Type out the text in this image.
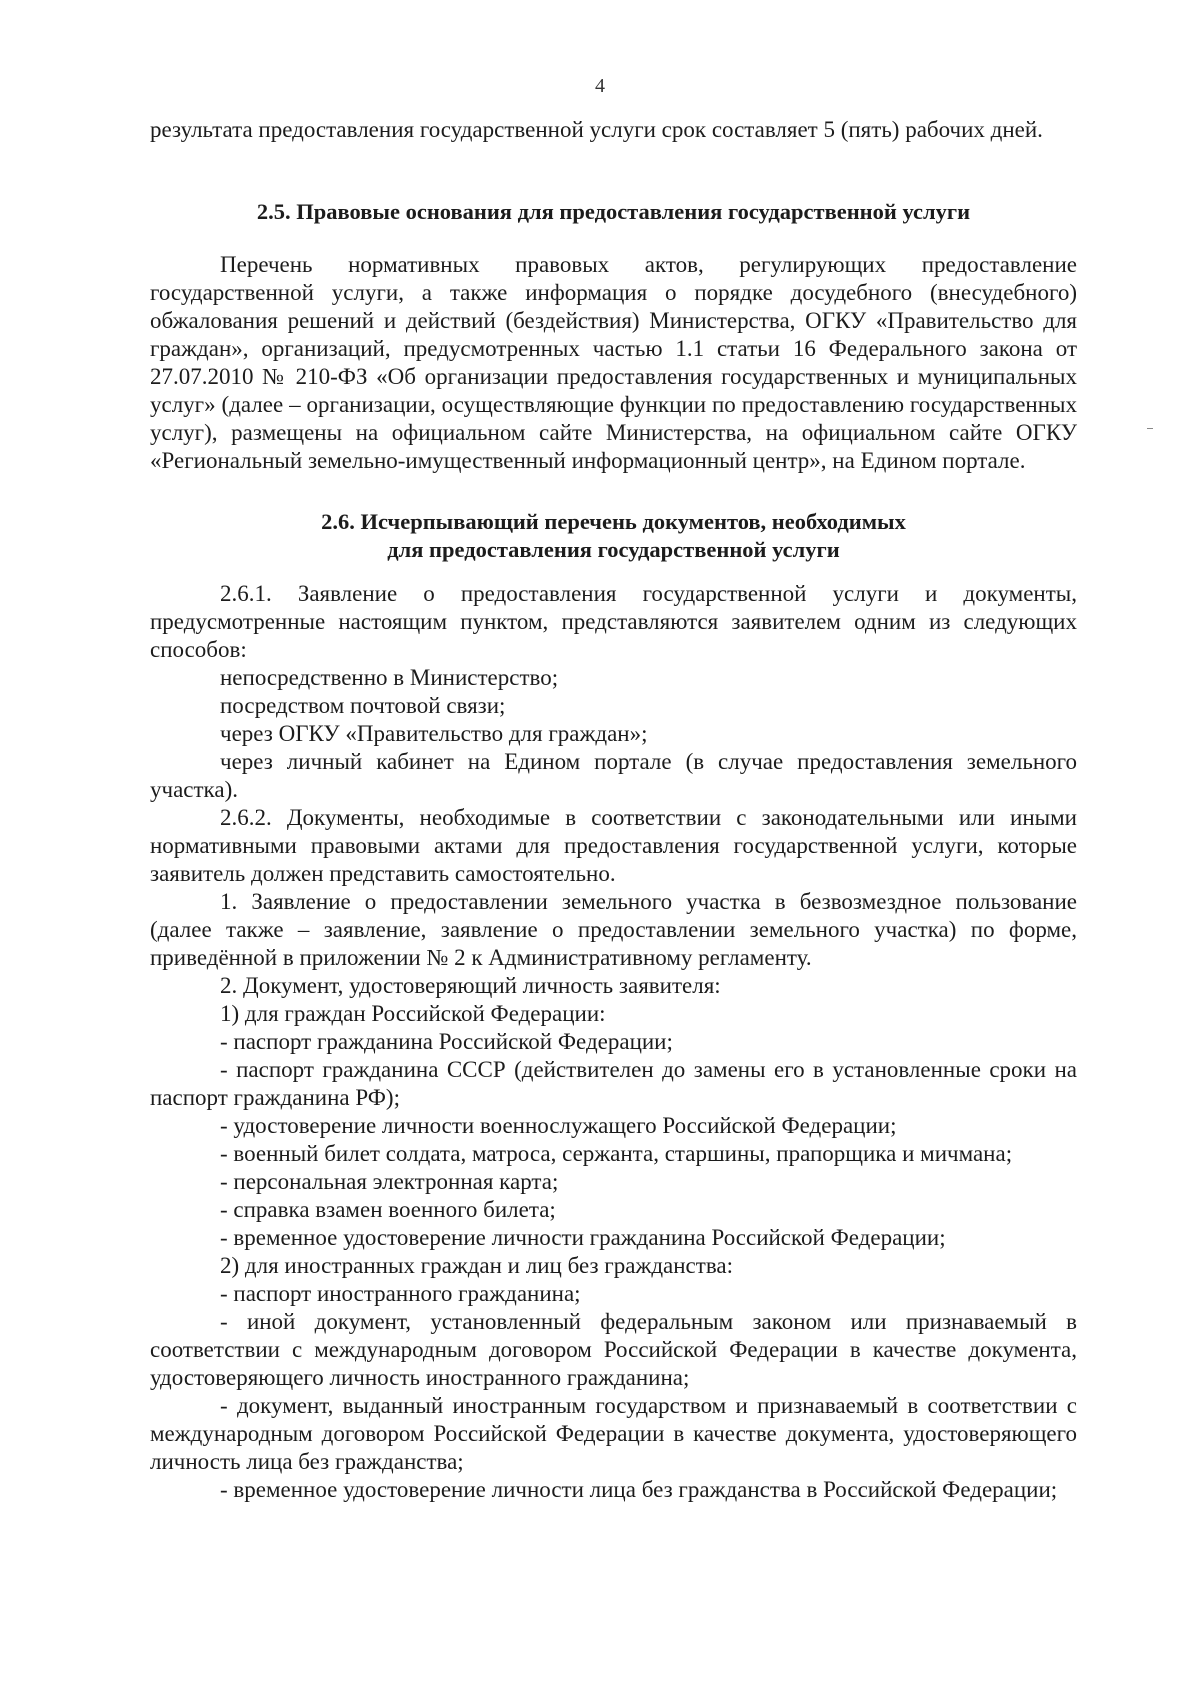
4

результата предоставления государственной услуги срок составляет 5 (пять) рабочих дней.

2.5. Правовые основания для предоставления государственной услуги

Перечень нормативных правовых актов, регулирующих предоставление государственной услуги, а также информация о порядке досудебного (внесудебного) обжалования решений и действий (бездействия) Министерства, ОГКУ «Правительство для граждан», организаций, предусмотренных частью 1.1 статьи 16 Федерального закона от 27.07.2010 № 210-ФЗ «Об организации предоставления государственных и муниципальных услуг» (далее – организации, осуществляющие функции по предоставлению государственных услуг), размещены на официальном сайте Министерства, на официальном сайте ОГКУ «Региональный земельно-имущественный информационный центр», на Едином портале.

2.6. Исчерпывающий перечень документов, необходимых
для предоставления государственной услуги

2.6.1. Заявление о предоставления государственной услуги и документы, предусмотренные настоящим пунктом, представляются заявителем одним из следующих способов:

непосредственно в Министерство;

посредством почтовой связи;

через ОГКУ «Правительство для граждан»;

через личный кабинет на Едином портале (в случае предоставления земельного участка).

2.6.2. Документы, необходимые в соответствии с законодательными или иными нормативными правовыми актами для предоставления государственной услуги, которые заявитель должен представить самостоятельно.

1. Заявление о предоставлении земельного участка в безвозмездное пользование (далее также – заявление, заявление о предоставлении земельного участка) по форме, приведённой в приложении № 2 к Административному регламенту.

2. Документ, удостоверяющий личность заявителя:

1) для граждан Российской Федерации:

- паспорт гражданина Российской Федерации;

- паспорт гражданина СССР (действителен до замены его в установленные сроки на паспорт гражданина РФ);

- удостоверение личности военнослужащего Российской Федерации;

- военный билет солдата, матроса, сержанта, старшины, прапорщика и мичмана;

- персональная электронная карта;

- справка взамен военного билета;

- временное удостоверение личности гражданина Российской Федерации;

2) для иностранных граждан и лиц без гражданства:

- паспорт иностранного гражданина;

- иной документ, установленный федеральным законом или признаваемый в соответствии с международным договором Российской Федерации в качестве документа, удостоверяющего личность иностранного гражданина;

- документ, выданный иностранным государством и признаваемый в соответствии с международным договором Российской Федерации в качестве документа, удостоверяющего личность лица без гражданства;

- временное удостоверение личности лица без гражданства в Российской Федерации;
